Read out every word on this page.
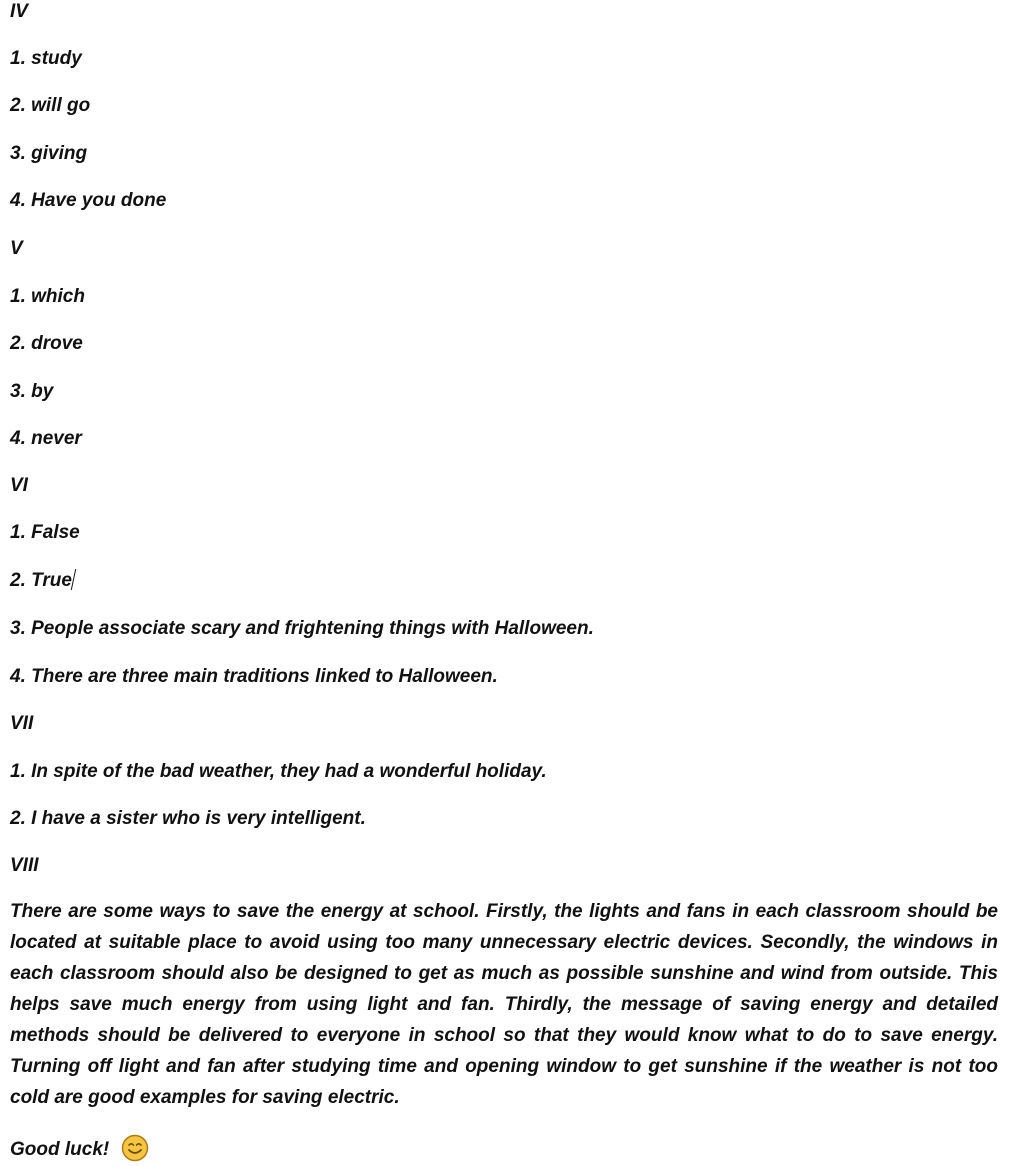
IV
1. study
2. will go
3. giving
4. Have you done
V
1. which
2. drove
3. by
4. never
VI
1. False
2. True
3. People associate scary and frightening things with Halloween.
4. There are three main traditions linked to Halloween.
VII
1. In spite of the bad weather, they had a wonderful holiday.
2. I have a sister who is very intelligent.
VIII
There are some ways to save the energy at school. Firstly, the lights and fans in each classroom should be located at suitable place to avoid using too many unnecessary electric devices. Secondly, the windows in each classroom should also be designed to get as much as possible sunshine and wind from outside. This helps save much energy from using light and fan. Thirdly, the message of saving energy and detailed methods should be delivered to everyone in school so that they would know what to do to save energy. Turning off light and fan after studying time and opening window to get sunshine if the weather is not too cold are good examples for saving electric.
Good luck!
